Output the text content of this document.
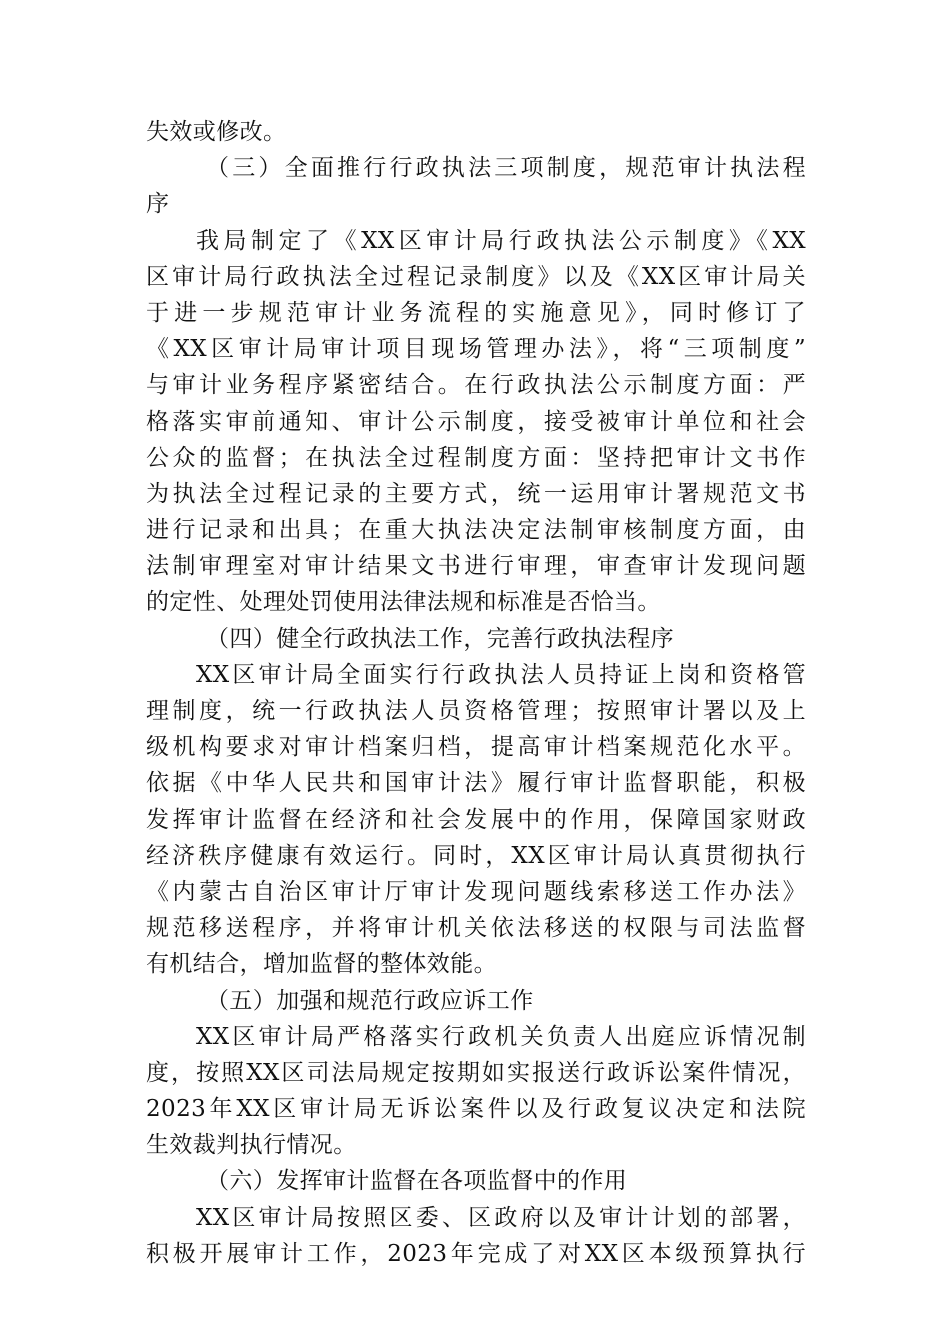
失效或修改。
（三）全面推行行政执法三项制度，规范审计执法程
序
我局制定了《XX区审计局行政执法公示制度》《XX
区审计局行政执法全过程记录制度》以及《XX区审计局关
于进一步规范审计业务流程的实施意见》，同时修订了
《XX区审计局审计项目现场管理办法》，将“三项制度”
与审计业务程序紧密结合。在行政执法公示制度方面：严
格落实审前通知、审计公示制度，接受被审计单位和社会
公众的监督；在执法全过程制度方面：坚持把审计文书作
为执法全过程记录的主要方式，统一运用审计署规范文书
进行记录和出具；在重大执法决定法制审核制度方面，由
法制审理室对审计结果文书进行审理，审查审计发现问题
的定性、处理处罚使用法律法规和标准是否恰当。
（四）健全行政执法工作，完善行政执法程序
XX区审计局全面实行行政执法人员持证上岗和资格管
理制度，统一行政执法人员资格管理；按照审计署以及上
级机构要求对审计档案归档，提高审计档案规范化水平。
依据《中华人民共和国审计法》履行审计监督职能，积极
发挥审计监督在经济和社会发展中的作用，保障国家财政
经济秩序健康有效运行。同时，XX区审计局认真贯彻执行
《内蒙古自治区审计厅审计发现问题线索移送工作办法》
规范移送程序，并将审计机关依法移送的权限与司法监督
有机结合，增加监督的整体效能。
（五）加强和规范行政应诉工作
XX区审计局严格落实行政机关负责人出庭应诉情况制
度，按照XX区司法局规定按期如实报送行政诉讼案件情况，
2023年XX区审计局无诉讼案件以及行政复议决定和法院
生效裁判执行情况。
（六）发挥审计监督在各项监督中的作用
XX区审计局按照区委、区政府以及审计计划的部署，
积极开展审计工作，2023年完成了对XX区本级预算执行
